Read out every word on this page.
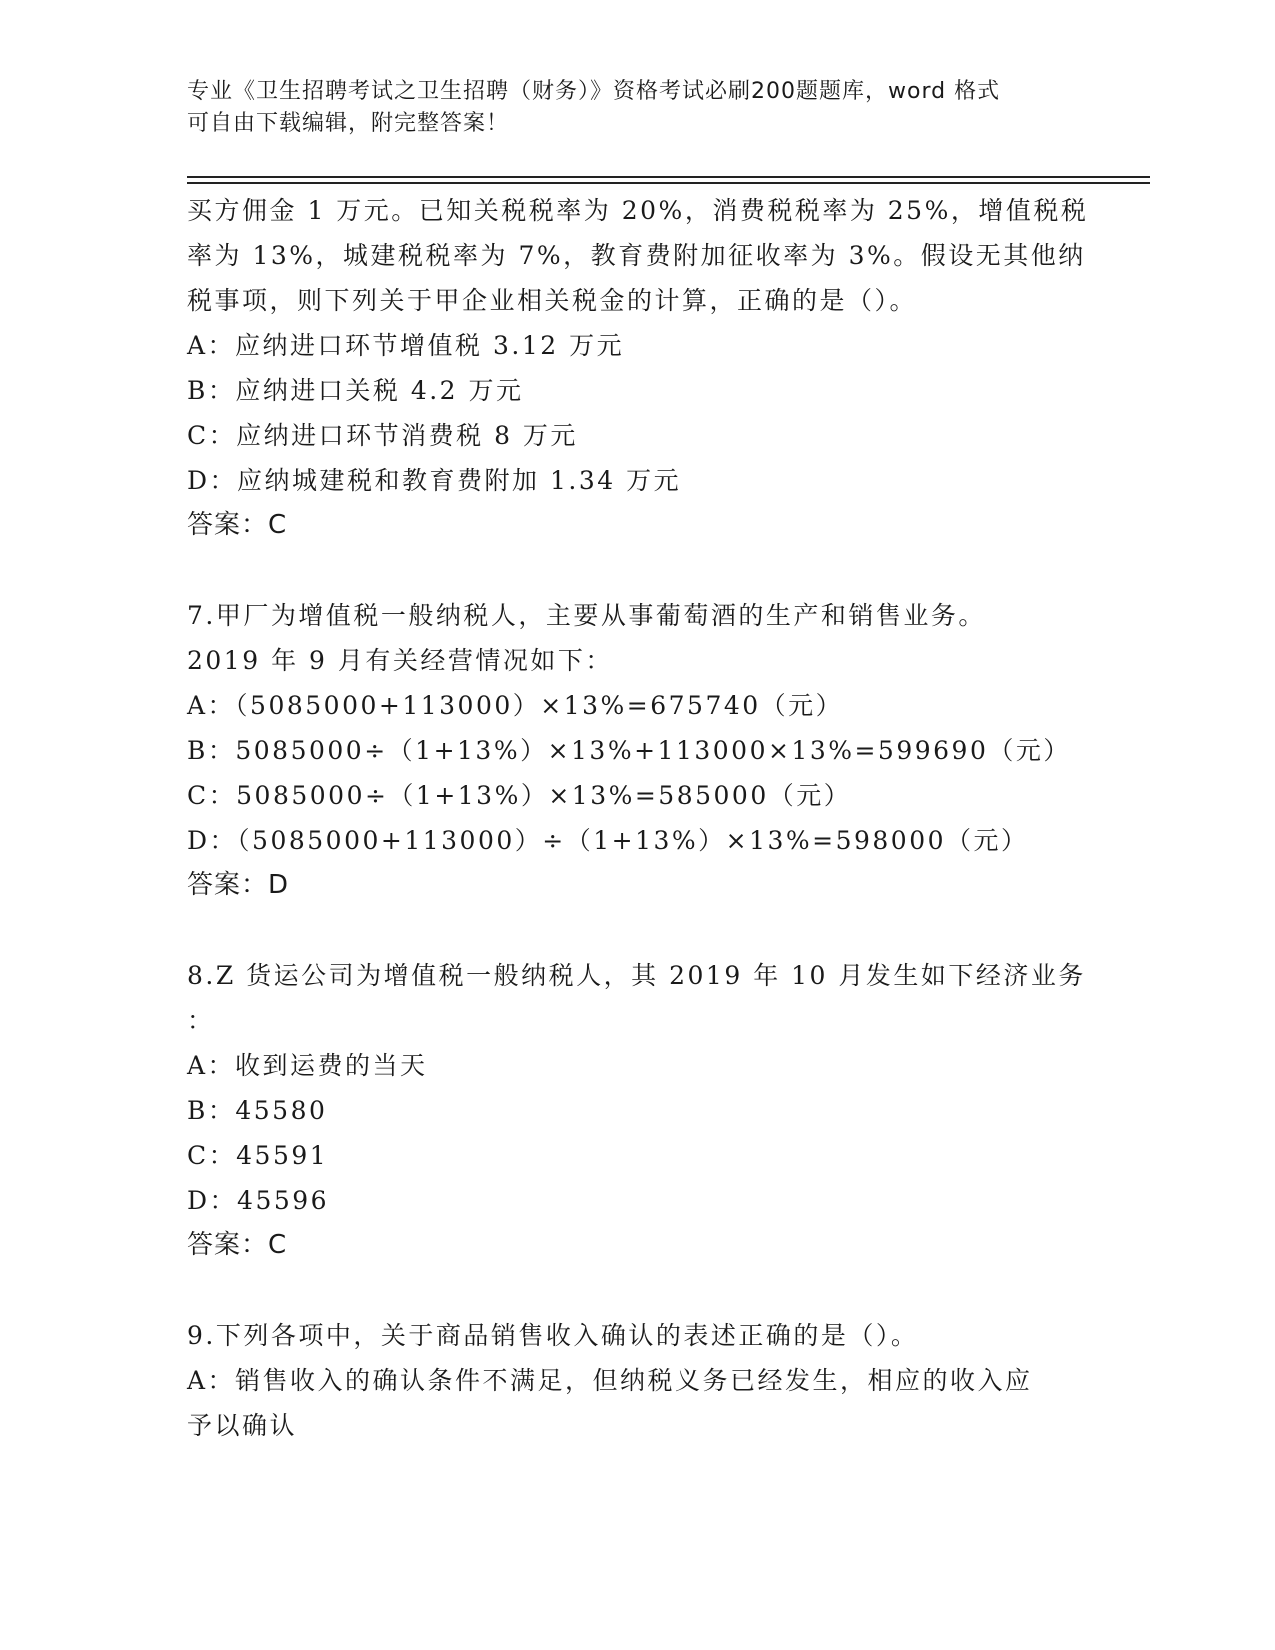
专业《卫生招聘考试之卫生招聘（财务）》资格考试必刷200题题库，word 格式
可自由下载编辑，附完整答案！
买方佣金 1 万元。已知关税税率为 20%，消费税税率为 25%，增值税税
率为 13%，城建税税率为 7%，教育费附加征收率为 3%。假设无其他纳
税事项，则下列关于甲企业相关税金的计算，正确的是（）。
A：应纳进口环节增值税 3.12 万元
B：应纳进口关税 4.2 万元
C：应纳进口环节消费税 8 万元
D：应纳城建税和教育费附加 1.34 万元
答案：C
7.甲厂为增值税一般纳税人，主要从事葡萄酒的生产和销售业务。
2019 年 9 月有关经营情况如下：
A：（5085000+113000）×13%=675740（元）
B：5085000÷（1+13%）×13%+113000×13%=599690（元）
C：5085000÷（1+13%）×13%=585000（元）
D：（5085000+113000）÷（1+13%）×13%=598000（元）
答案：D
8.Z 货运公司为增值税一般纳税人，其 2019 年 10 月发生如下经济业务
：
A：收到运费的当天
B：45580
C：45591
D：45596
答案：C
9.下列各项中，关于商品销售收入确认的表述正确的是（）。
A：销售收入的确认条件不满足，但纳税义务已经发生，相应的收入应
予以确认
